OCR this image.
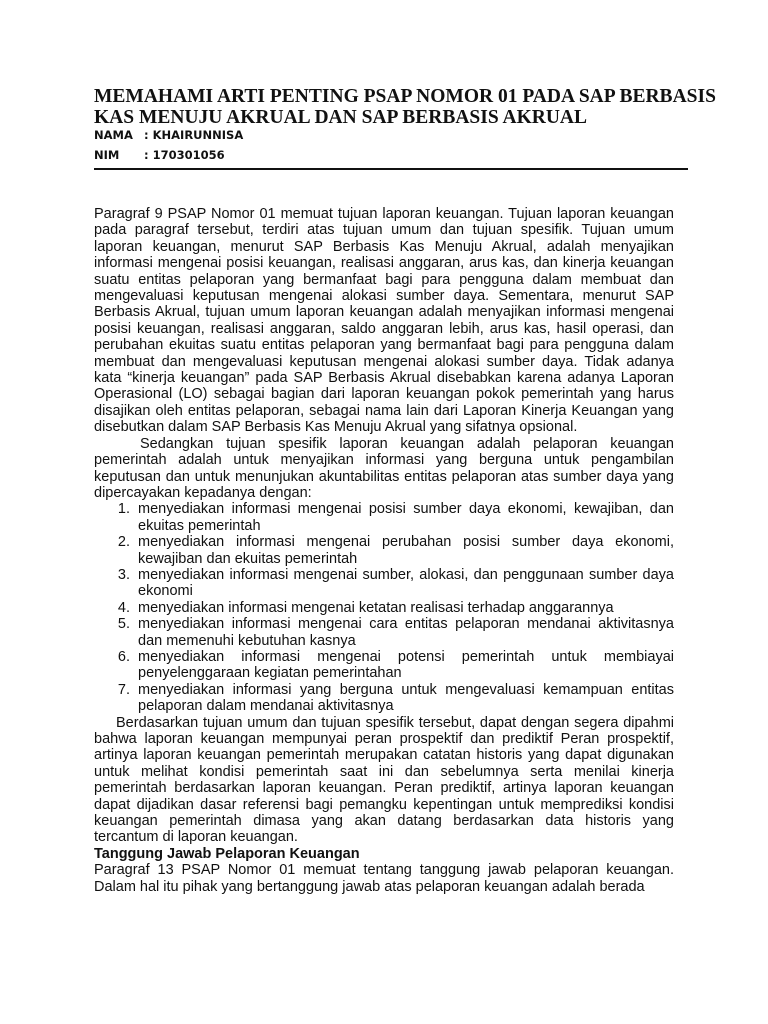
MEMAHAMI ARTI PENTING PSAP NOMOR 01 PADA SAP BERBASIS
KAS MENUJU AKRUAL DAN SAP BERBASIS AKRUAL
NAMA : KHAIRUNNISA
NIM : 170301056

Paragraf 9 PSAP Nomor 01 memuat tujuan laporan keuangan. Tujuan laporan keuangan pada paragraf tersebut, terdiri atas tujuan umum dan tujuan spesifik. Tujuan umum laporan keuangan, menurut SAP Berbasis Kas Menuju Akrual, adalah menyajikan informasi mengenai posisi keuangan, realisasi anggaran, arus kas, dan kinerja keuangan suatu entitas pelaporan yang bermanfaat bagi para pengguna dalam membuat dan mengevaluasi keputusan mengenai alokasi sumber daya. Sementara, menurut SAP Berbasis Akrual, tujuan umum laporan keuangan adalah menyajikan informasi mengenai posisi keuangan, realisasi anggaran, saldo anggaran lebih, arus kas, hasil operasi, dan perubahan ekuitas suatu entitas pelaporan yang bermanfaat bagi para pengguna dalam membuat dan mengevaluasi keputusan mengenai alokasi sumber daya. Tidak adanya kata “kinerja keuangan” pada SAP Berbasis Akrual disebabkan karena adanya Laporan Operasional (LO) sebagai bagian dari laporan keuangan pokok pemerintah yang harus disajikan oleh entitas pelaporan, sebagai nama lain dari Laporan Kinerja Keuangan yang disebutkan dalam SAP Berbasis Kas Menuju Akrual yang sifatnya opsional.

Sedangkan tujuan spesifik laporan keuangan adalah pelaporan keuangan pemerintah adalah untuk menyajikan informasi yang berguna untuk pengambilan keputusan dan untuk menunjukan akuntabilitas entitas pelaporan atas sumber daya yang dipercayakan kepadanya dengan:

1. menyediakan informasi mengenai posisi sumber daya ekonomi, kewajiban, dan ekuitas pemerintah
2. menyediakan informasi mengenai perubahan posisi sumber daya ekonomi, kewajiban dan ekuitas pemerintah
3. menyediakan informasi mengenai sumber, alokasi, dan penggunaan sumber daya ekonomi
4. menyediakan informasi mengenai ketatan realisasi terhadap anggarannya
5. menyediakan informasi mengenai cara entitas pelaporan mendanai aktivitasnya dan memenuhi kebutuhan kasnya
6. menyediakan informasi mengenai potensi pemerintah untuk membiayai penyelenggaraan kegiatan pemerintahan
7. menyediakan informasi yang berguna untuk mengevaluasi kemampuan entitas pelaporan dalam mendanai aktivitasnya

Berdasarkan tujuan umum dan tujuan spesifik tersebut, dapat dengan segera dipahmi bahwa laporan keuangan mempunyai peran prospektif dan prediktif Peran prospektif, artinya laporan keuangan pemerintah merupakan catatan historis yang dapat digunakan untuk melihat kondisi pemerintah saat ini dan sebelumnya serta menilai kinerja pemerintah berdasarkan laporan keuangan. Peran prediktif, artinya laporan keuangan dapat dijadikan dasar referensi bagi pemangku kepentingan untuk memprediksi kondisi keuangan pemerintah dimasa yang akan datang berdasarkan data historis yang tercantum di laporan keuangan.

Tanggung Jawab Pelaporan Keuangan

Paragraf 13 PSAP Nomor 01 memuat tentang tanggung jawab pelaporan keuangan. Dalam hal itu pihak yang bertanggung jawab atas pelaporan keuangan adalah berada
